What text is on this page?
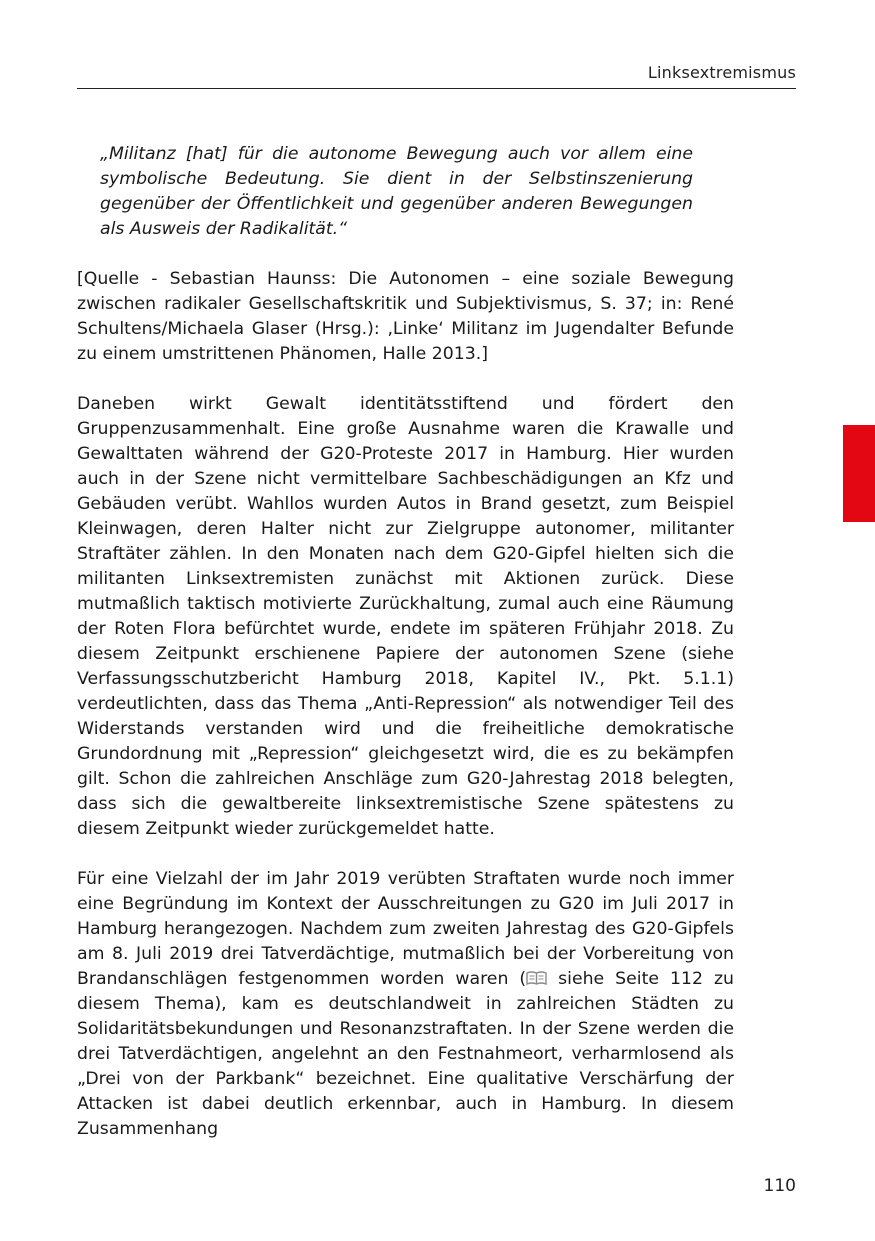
Linksextremismus

„Militanz [hat] für die autonome Bewegung auch vor allem eine symbolische Bedeutung. Sie dient in der Selbstinszenierung gegenüber der Öffentlichkeit und gegenüber anderen Bewegungen als Ausweis der Radikalität.“

[Quelle - Sebastian Haunss: Die Autonomen – eine soziale Bewegung zwischen radikaler Gesellschaftskritik und Subjektivismus, S. 37; in: René Schultens/Michaela Glaser (Hrsg.): ‚Linke‘ Militanz im Jugendalter Befunde zu einem umstrittenen Phänomen, Halle 2013.]

Daneben wirkt Gewalt identitätsstiftend und fördert den Gruppenzusammenhalt. Eine große Ausnahme waren die Krawalle und Gewalttaten während der G20-Proteste 2017 in Hamburg. Hier wurden auch in der Szene nicht vermittelbare Sachbeschädigungen an Kfz und Gebäuden verübt. Wahllos wurden Autos in Brand gesetzt, zum Beispiel Kleinwagen, deren Halter nicht zur Zielgruppe autonomer, militanter Straftäter zählen. In den Monaten nach dem G20-Gipfel hielten sich die militanten Linksextremisten zunächst mit Aktionen zurück. Diese mutmaßlich taktisch motivierte Zurückhaltung, zumal auch eine Räumung der Roten Flora befürchtet wurde, endete im späteren Frühjahr 2018. Zu diesem Zeitpunkt erschienene Papiere der autonomen Szene (siehe Verfassungsschutzbericht Hamburg 2018, Kapitel IV., Pkt. 5.1.1) verdeutlichten, dass das Thema „Anti-Repression“ als notwendiger Teil des Widerstands verstanden wird und die freiheitliche demokratische Grundordnung mit „Repression“ gleichgesetzt wird, die es zu bekämpfen gilt. Schon die zahlreichen Anschläge zum G20-Jahrestag 2018 belegten, dass sich die gewaltbereite linksextremistische Szene spätestens zu diesem Zeitpunkt wieder zurückgemeldet hatte.

Für eine Vielzahl der im Jahr 2019 verübten Straftaten wurde noch immer eine Begründung im Kontext der Ausschreitungen zu G20 im Juli 2017 in Hamburg herangezogen. Nachdem zum zweiten Jahrestag des G20-Gipfels am 8. Juli 2019 drei Tatverdächtige, mutmaßlich bei der Vorbereitung von Brandanschlägen festgenommen worden waren ( siehe Seite 112 zu diesem Thema), kam es deutschlandweit in zahlreichen Städten zu Solidaritätsbekundungen und Resonanzstraftaten. In der Szene werden die drei Tatverdächtigen, angelehnt an den Festnahmeort, verharmlosend als „Drei von der Parkbank“ bezeichnet. Eine qualitative Verschärfung der Attacken ist dabei deutlich erkennbar, auch in Hamburg. In diesem Zusammenhang

110
